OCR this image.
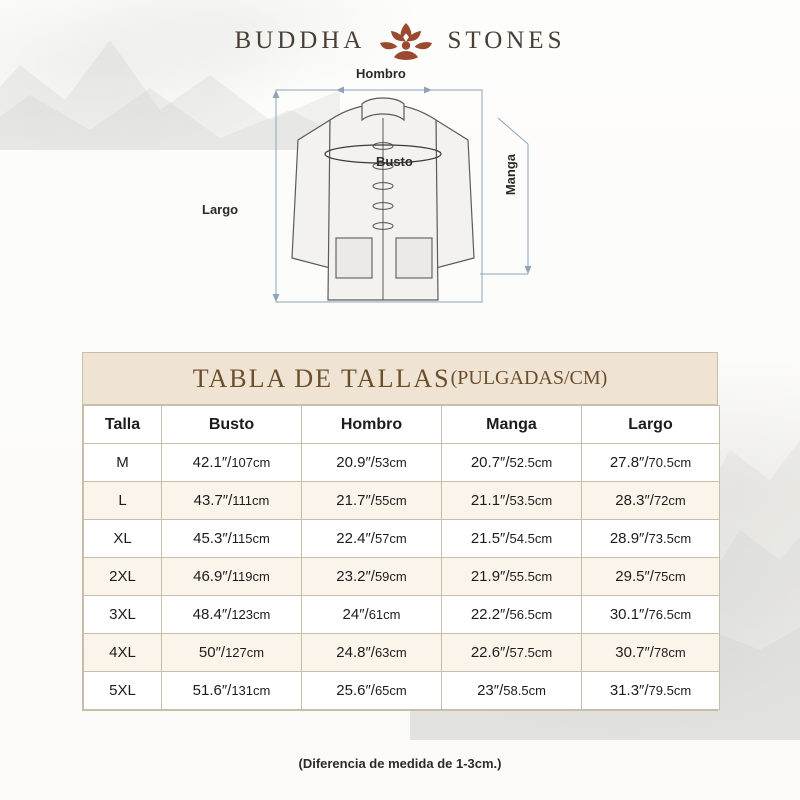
BUDDHA	STONES
Hombro
Busto
Largo
Manga
TABLA DE TALLAS (PULGADAS/CM)
Talla	Busto	Hombro	Manga	Largo
M	42.1″/107cm	20.9″/53cm	20.7″/52.5cm	27.8″/70.5cm
L	43.7″/111cm	21.7″/55cm	21.1″/53.5cm	28.3″/72cm
XL	45.3″/115cm	22.4″/57cm	21.5″/54.5cm	28.9″/73.5cm
2XL	46.9″/119cm	23.2″/59cm	21.9″/55.5cm	29.5″/75cm
3XL	48.4″/123cm	24″/61cm	22.2″/56.5cm	30.1″/76.5cm
4XL	50″/127cm	24.8″/63cm	22.6″/57.5cm	30.7″/78cm
5XL	51.6″/131cm	25.6″/65cm	23″/58.5cm	31.3″/79.5cm
(Diferencia de medida de 1-3cm.)
